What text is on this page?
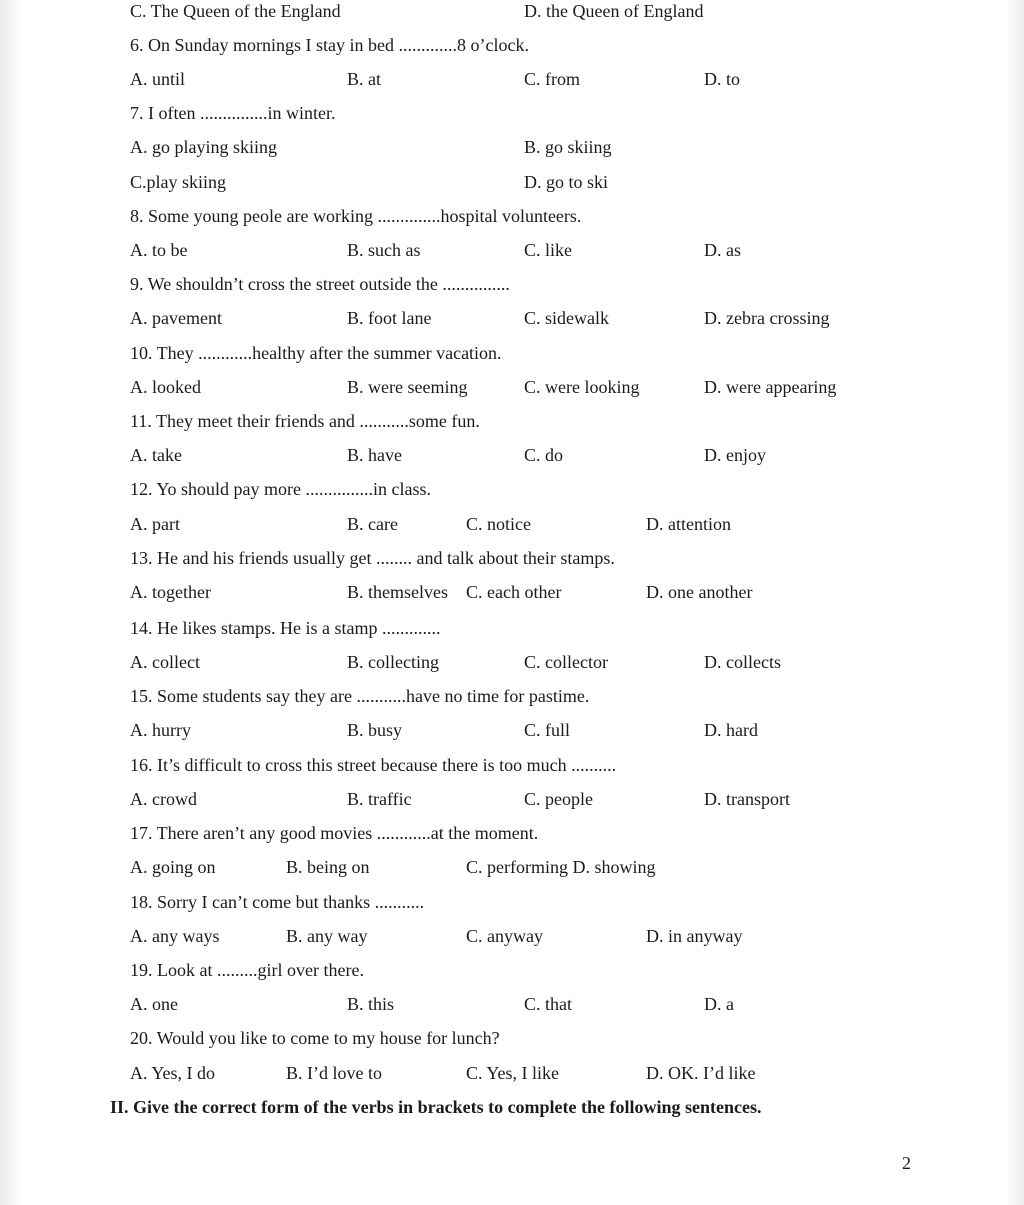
C. The Queen of the England	D. the Queen of England
6. On Sunday mornings I stay in bed .............8 o’clock.
A. until	B. at	C. from	D. to
7. I often ...............in winter.
A. go playing skiing	B. go skiing
C.play skiing	D. go to ski
8. Some young peole are working ..............hospital volunteers.
A. to be	B. such as	C. like	D. as
9. We shouldn’t cross the street outside the ...............
A. pavement	B. foot lane	C. sidewalk	D. zebra crossing
10. They ............healthy after the summer vacation.
A. looked	B. were seeming	C. were looking	D. were appearing
11. They meet their friends and ...........some fun.
A. take	B. have	C. do	D. enjoy
12. Yo should pay more ...............in class.
A. part	B. care	C. notice	D. attention
13. He and his friends usually get ........ and talk about their stamps.
A. together	B. themselves C. each other	D. one another
14. He likes stamps. He is a stamp .............
A. collect	B. collecting	C. collector	D. collects
15. Some students say they are ...........have no time for pastime.
A. hurry	B. busy	C. full	D. hard
16. It’s difficult to cross this street because there is too much ..........
A. crowd	B. traffic	C. people	D. transport
17. There aren’t any good movies ............at the moment.
A. going on	B. being on	C. performing D. showing
18. Sorry I can’t come but thanks ...........
A. any ways	B. any way	C. anyway	D. in anyway
19. Look at .........girl over there.
A. one	B. this	C. that	D. a
20. Would you like to come to my house for lunch?
A. Yes, I do	B. I’d love to	C. Yes, I like	D. OK. I’d like
II. Give the correct form of the verbs in brackets to complete the following sentences.
2
